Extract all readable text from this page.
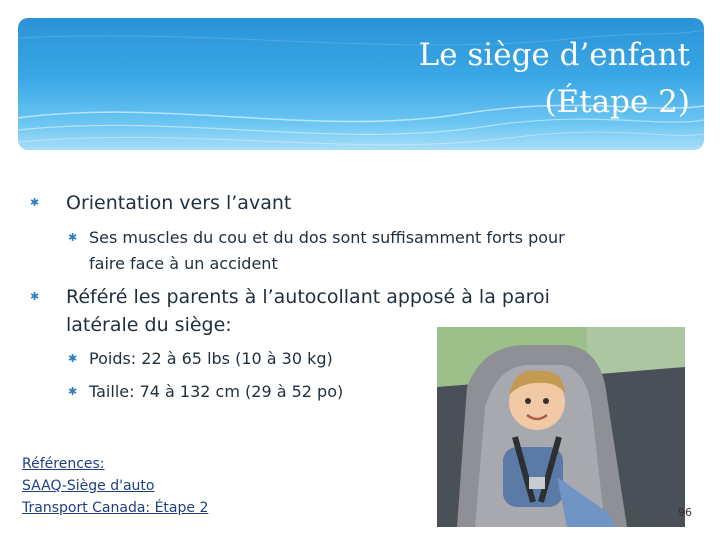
Le siège d’enfant
(Étape 2)
✱ Orientation vers l’avant
✱ Ses muscles du cou et du dos sont suffisamment forts pour
faire face à un accident
✱ Référé les parents à l’autocollant apposé à la paroi
latérale du siège:
✱ Poids: 22 à 65 lbs (10 à 30 kg)
✱ Taille: 74 à 132 cm (29 à 52 po)
Références:
SAAQ-Siège d'auto
Transport Canada: Étape 2	96
